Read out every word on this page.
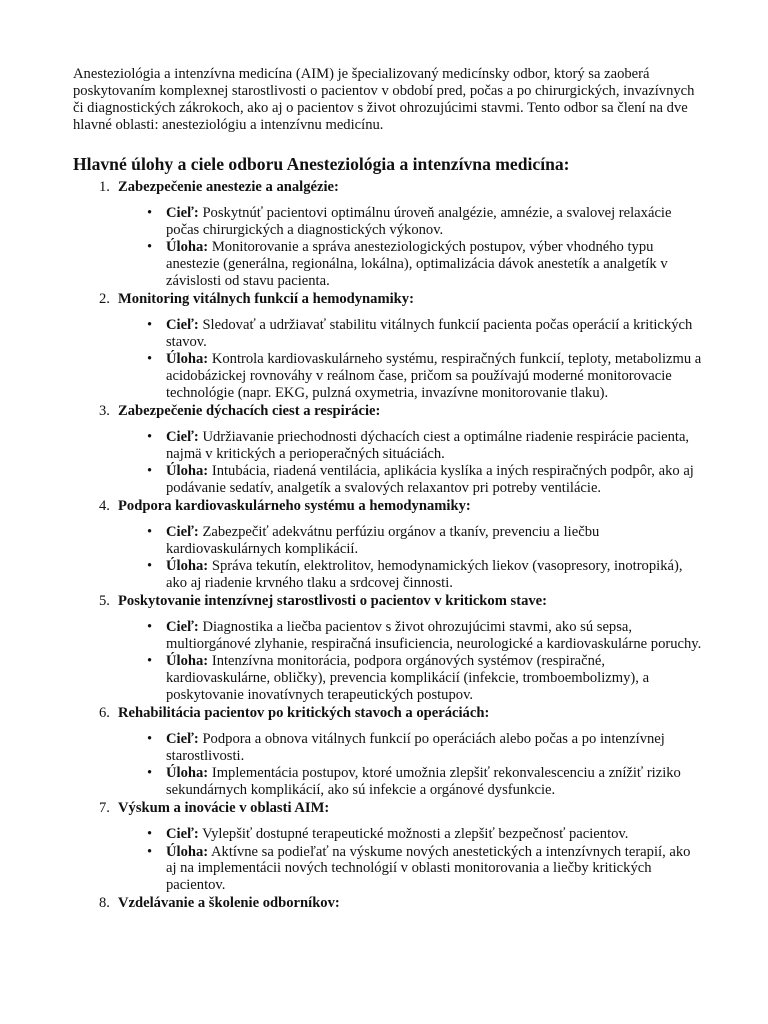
Anesteziológia a intenzívna medicína (AIM) je špecializovaný medicínsky odbor, ktorý sa zaoberá poskytovaním komplexnej starostlivosti o pacientov v období pred, počas a po chirurgických, invazívnych či diagnostických zákrokoch, ako aj o pacientov s život ohrozujúcimi stavmi. Tento odbor sa člení na dve hlavné oblasti: anesteziológiu a intenzívnu medicínu.

Hlavné úlohy a ciele odboru Anesteziológia a intenzívna medicína:
1. Zabezpečenie anestezie a analgézie:
• Cieľ: Poskytnúť pacientovi optimálnu úroveň analgézie, amnézie, a svalovej relaxácie počas chirurgických a diagnostických výkonov.
• Úloha: Monitorovanie a správa anesteziologických postupov, výber vhodného typu anestezie (generálna, regionálna, lokálna), optimalizácia dávok anestetík a analgetík v závislosti od stavu pacienta.
2. Monitoring vitálnych funkcií a hemodynamiky:
• Cieľ: Sledovať a udržiavať stabilitu vitálnych funkcií pacienta počas operácií a kritických stavov.
• Úloha: Kontrola kardiovaskulárneho systému, respiračných funkcií, teploty, metabolizmu a acidobázickej rovnováhy v reálnom čase, pričom sa používajú moderné monitorovacie technológie (napr. EKG, pulzná oxymetria, invazívne monitorovanie tlaku).
3. Zabezpečenie dýchacích ciest a respirácie:
• Cieľ: Udržiavanie priechodnosti dýchacích ciest a optimálne riadenie respirácie pacienta, najmä v kritických a perioperačných situáciách.
• Úloha: Intubácia, riadená ventilácia, aplikácia kyslíka a iných respiračných podpôr, ako aj podávanie sedatív, analgetík a svalových relaxantov pri potreby ventilácie.
4. Podpora kardiovaskulárneho systému a hemodynamiky:
• Cieľ: Zabezpečiť adekvátnu perfúziu orgánov a tkanív, prevenciu a liečbu kardiovaskulárnych komplikácií.
• Úloha: Správa tekutín, elektrolitov, hemodynamických liekov (vasopresory, inotropiká), ako aj riadenie krvného tlaku a srdcovej činnosti.
5. Poskytovanie intenzívnej starostlivosti o pacientov v kritickom stave:
• Cieľ: Diagnostika a liečba pacientov s život ohrozujúcimi stavmi, ako sú sepsa, multiorgánové zlyhanie, respiračná insuficiencia, neurologické a kardiovaskulárne poruchy.
• Úloha: Intenzívna monitorácia, podpora orgánových systémov (respiračné, kardiovaskulárne, obličky), prevencia komplikácií (infekcie, tromboembolizmy), a poskytovanie inovatívnych terapeutických postupov.
6. Rehabilitácia pacientov po kritických stavoch a operáciách:
• Cieľ: Podpora a obnova vitálnych funkcií po operáciách alebo počas a po intenzívnej starostlivosti.
• Úloha: Implementácia postupov, ktoré umožnia zlepšiť rekonvalescenciu a znížiť riziko sekundárnych komplikácií, ako sú infekcie a orgánové dysfunkcie.
7. Výskum a inovácie v oblasti AIM:
• Cieľ: Vylepšiť dostupné terapeutické možnosti a zlepšiť bezpečnosť pacientov.
• Úloha: Aktívne sa podieľať na výskume nových anestetických a intenzívnych terapií, ako aj na implementácii nových technológií v oblasti monitorovania a liečby kritických pacientov.
8. Vzdelávanie a školenie odborníkov:
